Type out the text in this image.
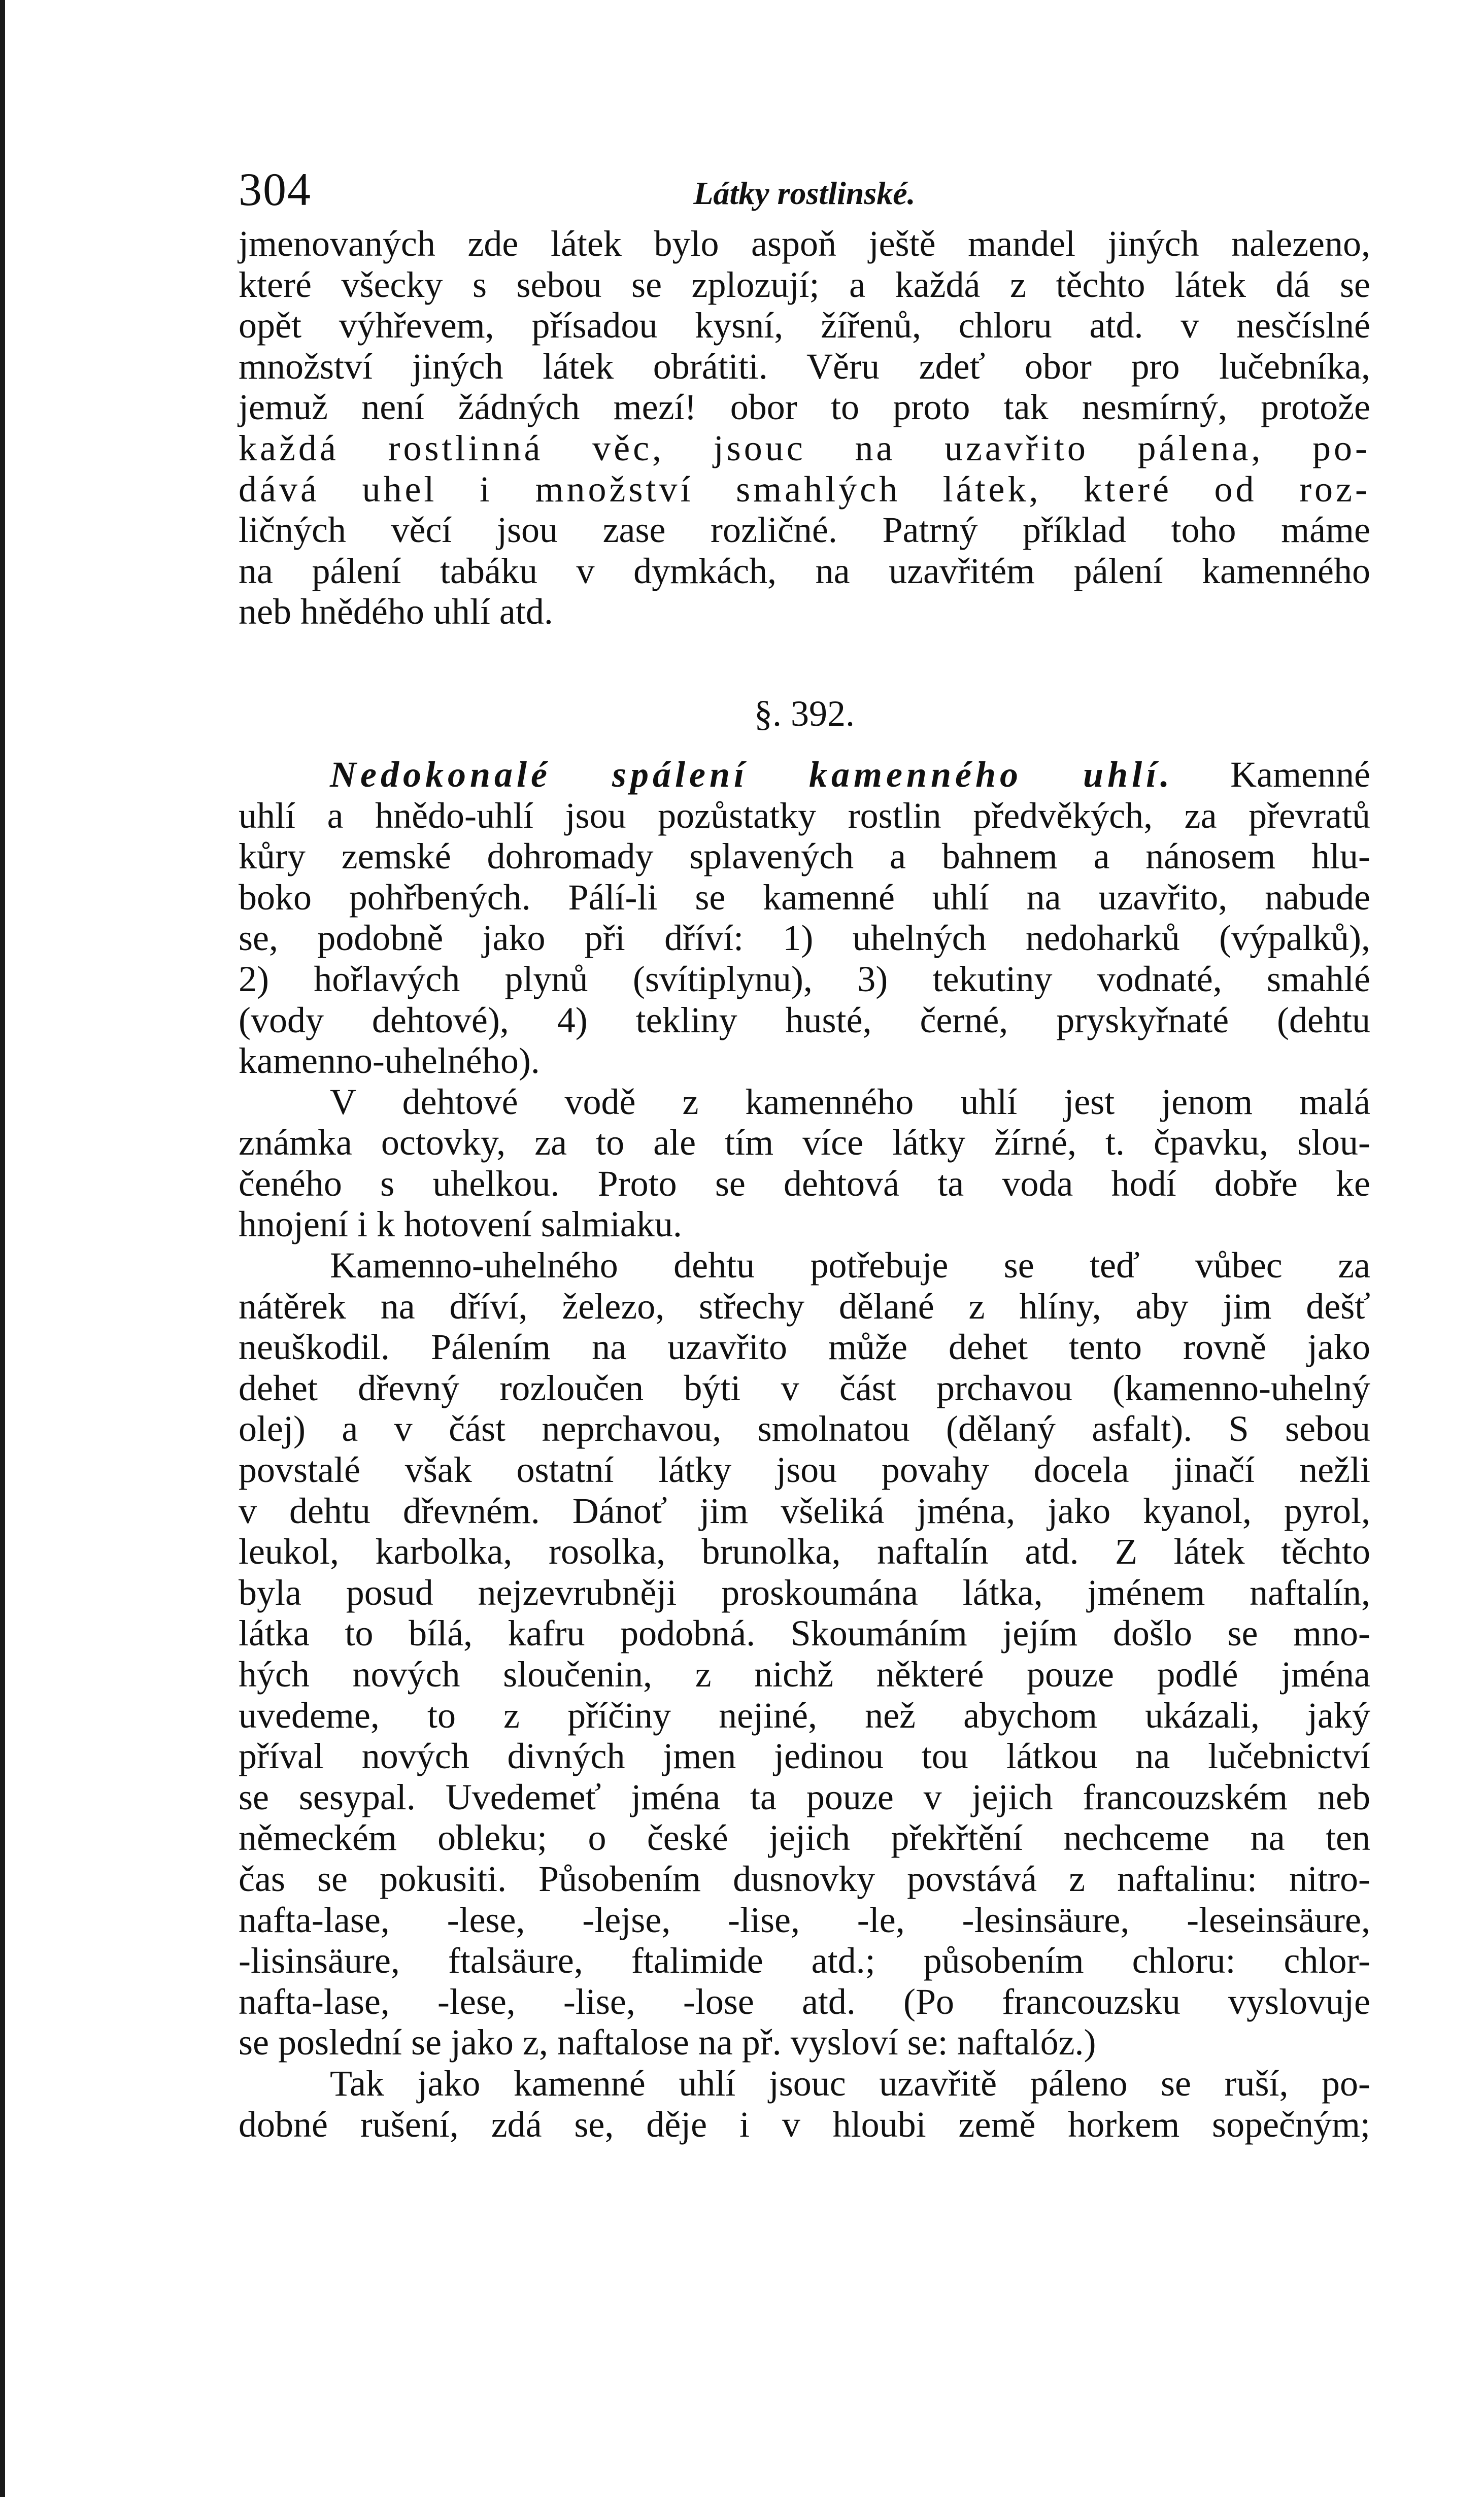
304	Látky rostlinské.
jmenovaných zde látek bylo aspoň ještě mandel jiných nalezeno,
které všecky s sebou se zplozují; a každá z těchto látek dá se
opět výhřevem, přísadou kysní, žířenů, chloru atd. v nesčíslné
množství jiných látek obrátiti. Věru zdeť obor pro lučebníka,
jemuž není žádných mezí! obor to proto tak nesmírný, protože
každá rostlinná věc, jsouc na uzavřito pálena, po-
dává uhel i množství smahlých látek, které od roz-
ličných věcí jsou zase rozličné. Patrný příklad toho máme
na pálení tabáku v dymkách, na uzavřitém pálení kamenného
neb hnědého uhlí atd.
§. 392.
Nedokonalé spálení kamenného uhlí. Kamenné
uhlí a hnědo-uhlí jsou pozůstatky rostlin předvěkých, za převratů
kůry zemské dohromady splavených a bahnem a nánosem hlu-
boko pohřbených. Pálí-li se kamenné uhlí na uzavřito, nabude
se, podobně jako při dříví: 1) uhelných nedoharků (výpalků),
2) hořlavých plynů (svítiplynu), 3) tekutiny vodnaté, smahlé
(vody dehtové), 4) tekliny husté, černé, pryskyřnaté (dehtu
kamenno-uhelného).
V dehtové vodě z kamenného uhlí jest jenom malá
známka octovky, za to ale tím více látky žírné, t. čpavku, slou-
čeného s uhelkou. Proto se dehtová ta voda hodí dobře ke
hnojení i k hotovení salmiaku.
Kamenno-uhelného dehtu potřebuje se teď vůbec za
nátěrek na dříví, železo, střechy dělané z hlíny, aby jim dešť
neuškodil. Pálením na uzavřito může dehet tento rovně jako
dehet dřevný rozloučen býti v část prchavou (kamenno-uhelný
olej) a v část neprchavou, smolnatou (dělaný asfalt). S sebou
povstalé však ostatní látky jsou povahy docela jinačí nežli
v dehtu dřevném. Dánoť jim všeliká jména, jako kyanol, pyrol,
leukol, karbolka, rosolka, brunolka, naftalín atd. Z látek těchto
byla posud nejzevrubněji proskoumána látka, jménem naftalín,
látka to bílá, kafru podobná. Skoumáním jejím došlo se mno-
hých nových sloučenin, z nichž některé pouze podlé jména
uvedeme, to z příčiny nejiné, než abychom ukázali, jaký
příval nových divných jmen jedinou tou látkou na lučebnictví
se sesypal. Uvedemeť jména ta pouze v jejich francouzském neb
německém obleku; o české jejich překřtění nechceme na ten
čas se pokusiti. Působením dusnovky povstává z naftalinu: nitro-
nafta-lase, -lese, -lejse, -lise, -le, -lesinsäure, -leseinsäure,
-lisinsäure, ftalsäure, ftalimide atd.; působením chloru: chlor-
nafta-lase, -lese, -lise, -lose atd. (Po francouzsku vyslovuje
se poslední se jako z, naftalose na př. vysloví se: naftalóz.)
Tak jako kamenné uhlí jsouc uzavřitě páleno se ruší, po-
dobné rušení, zdá se, děje i v hloubi země horkem sopečným;
